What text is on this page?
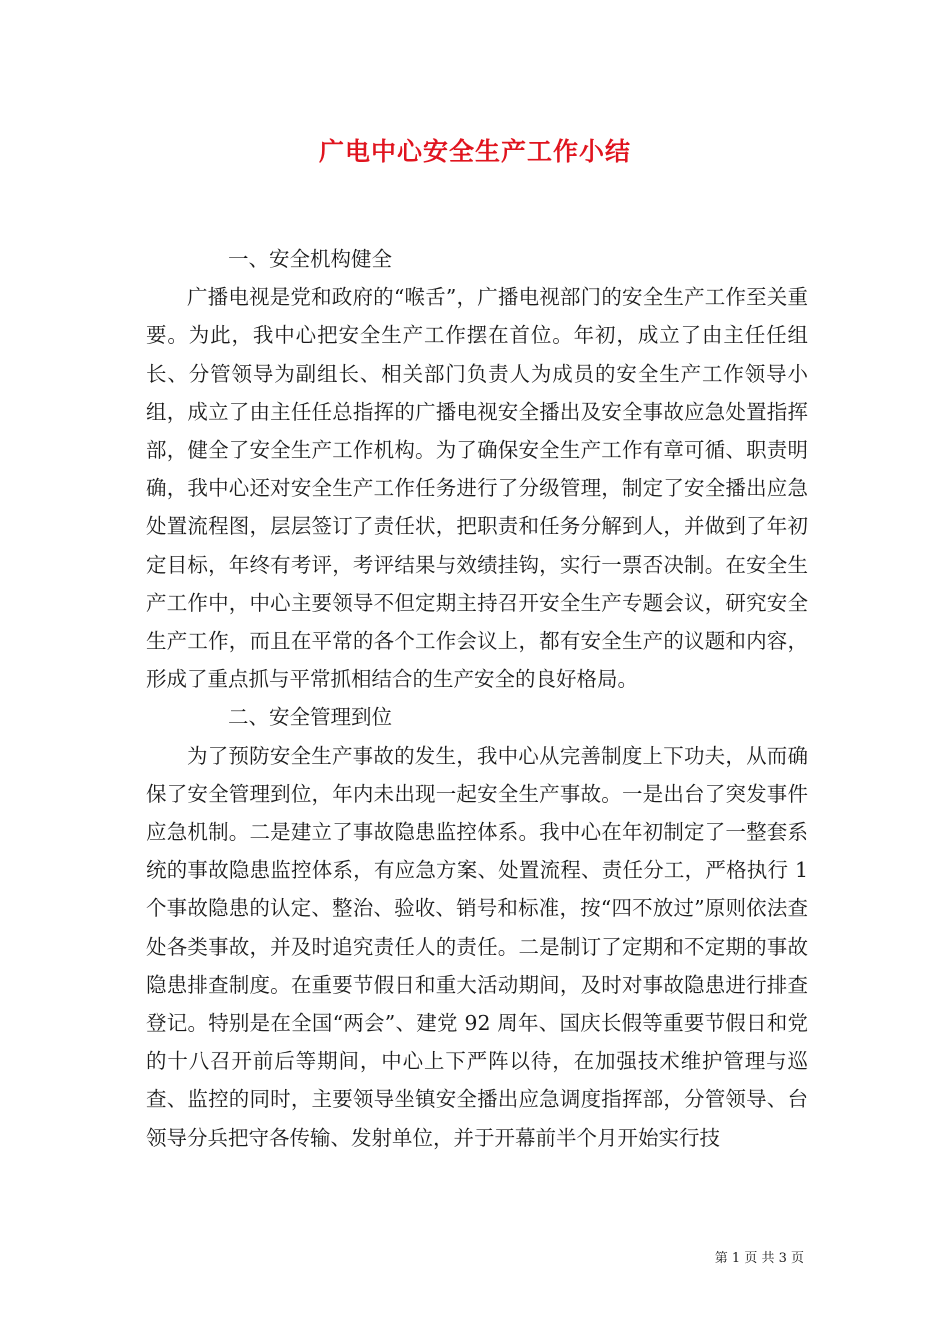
广电中心安全生产工作小结

一、安全机构健全

广播电视是党和政府的“喉舌”，广播电视部门的安全生产工作至关重要。为此，我中心把安全生产工作摆在首位。年初，成立了由主任任组长、分管领导为副组长、相关部门负责人为成员的安全生产工作领导小组，成立了由主任任总指挥的广播电视安全播出及安全事故应急处置指挥部，健全了安全生产工作机构。为了确保安全生产工作有章可循、职责明确，我中心还对安全生产工作任务进行了分级管理，制定了安全播出应急处置流程图，层层签订了责任状，把职责和任务分解到人，并做到了年初定目标，年终有考评，考评结果与效绩挂钩，实行一票否决制。在安全生产工作中，中心主要领导不但定期主持召开安全生产专题会议，研究安全生产工作，而且在平常的各个工作会议上，都有安全生产的议题和内容，形成了重点抓与平常抓相结合的生产安全的良好格局。

二、安全管理到位

为了预防安全生产事故的发生，我中心从完善制度上下功夫，从而确保了安全管理到位，年内未出现一起安全生产事故。一是出台了突发事件应急机制。二是建立了事故隐患监控体系。我中心在年初制定了一整套系统的事故隐患监控体系，有应急方案、处置流程、责任分工，严格执行 1 个事故隐患的认定、整治、验收、销号和标准，按“四不放过”原则依法查处各类事故，并及时追究责任人的责任。二是制订了定期和不定期的事故隐患排查制度。在重要节假日和重大活动期间，及时对事故隐患进行排查登记。特别是在全国“两会”、建党 92 周年、国庆长假等重要节假日和党的十八召开前后等期间，中心上下严阵以待，在加强技术维护管理与巡查、监控的同时，主要领导坐镇安全播出应急调度指挥部，分管领导、台领导分兵把守各传输、发射单位，并于开幕前半个月开始实行技

第 1 页 共 3 页
